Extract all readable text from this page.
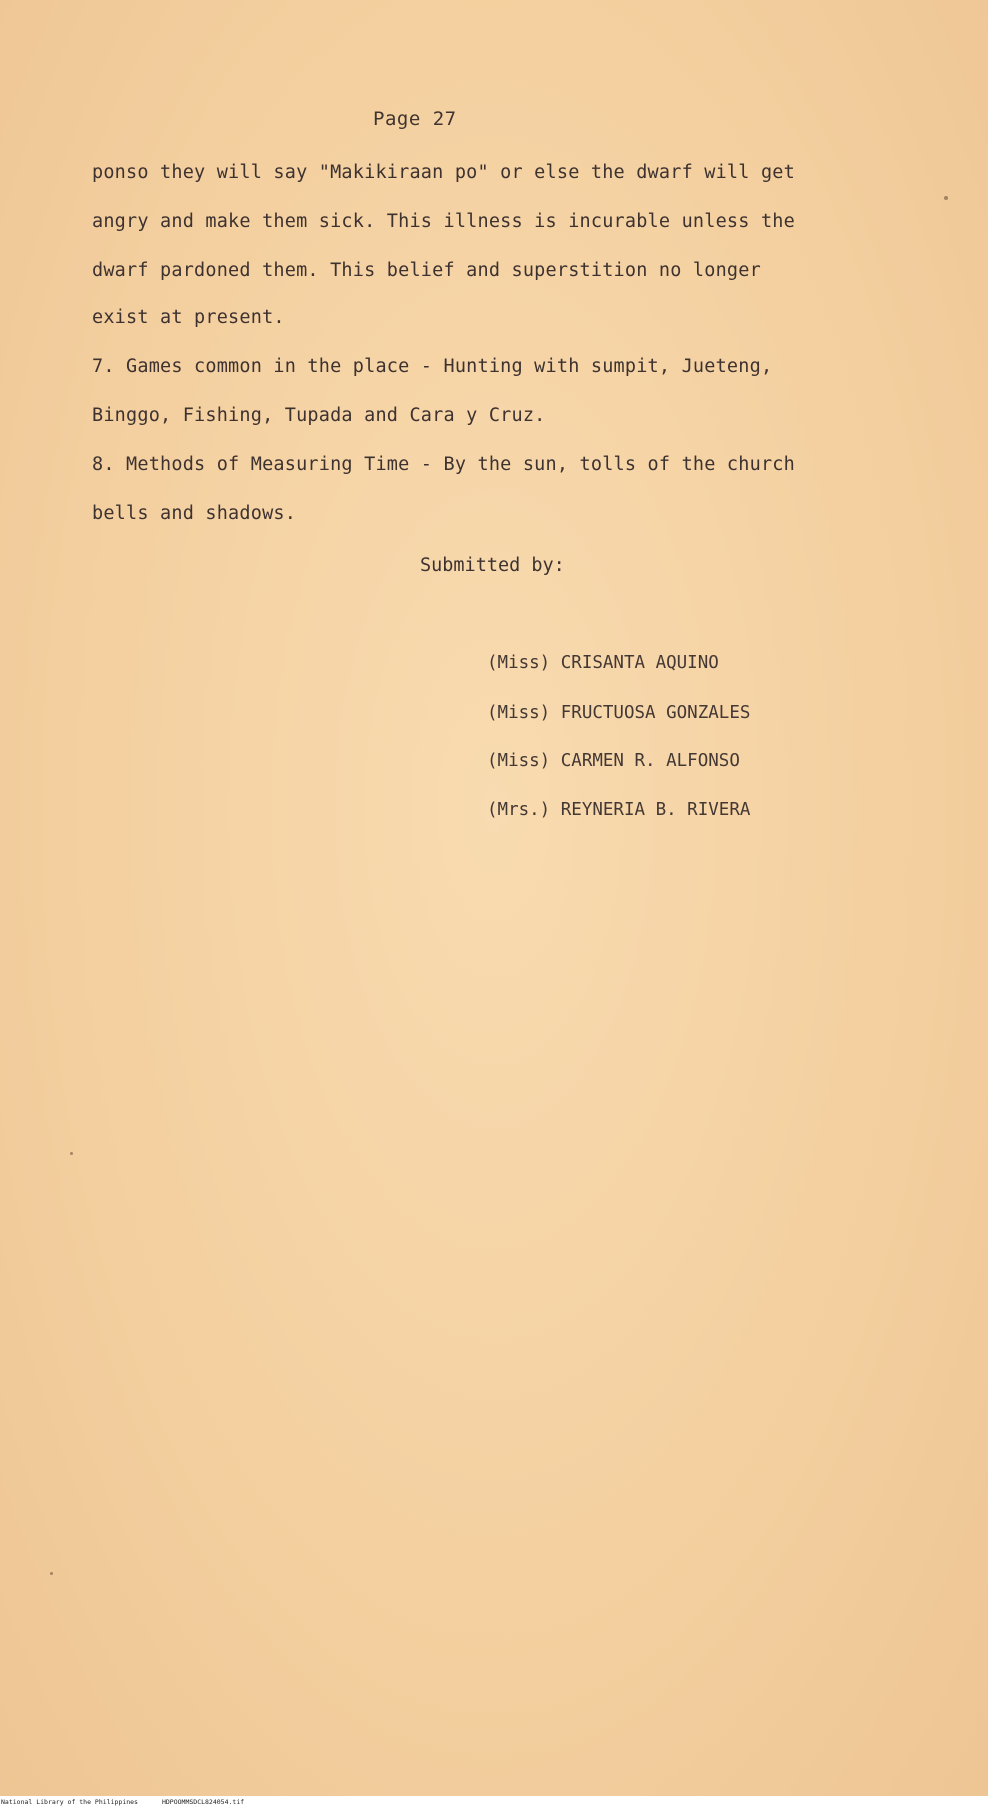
Page 27
ponso they will say "Makikiraan po" or else the dwarf will get
angry and make them sick. This illness is incurable unless the
dwarf pardoned them. This belief and superstition no longer
exist at present.
7. Games common in the place - Hunting with sumpit, Jueteng,
Binggo, Fishing, Tupada and Cara y Cruz.
8. Methods of Measuring Time - By the sun, tolls of the church
bells and shadows.
Submitted by:
(Miss) CRISANTA AQUINO
(Miss) FRUCTUOSA GONZALES
(Miss) CARMEN R. ALFONSO
(Mrs.) REYNERIA B. RIVERA
National Library of the Philippines	HDPOOMMSDCL824054.tif
